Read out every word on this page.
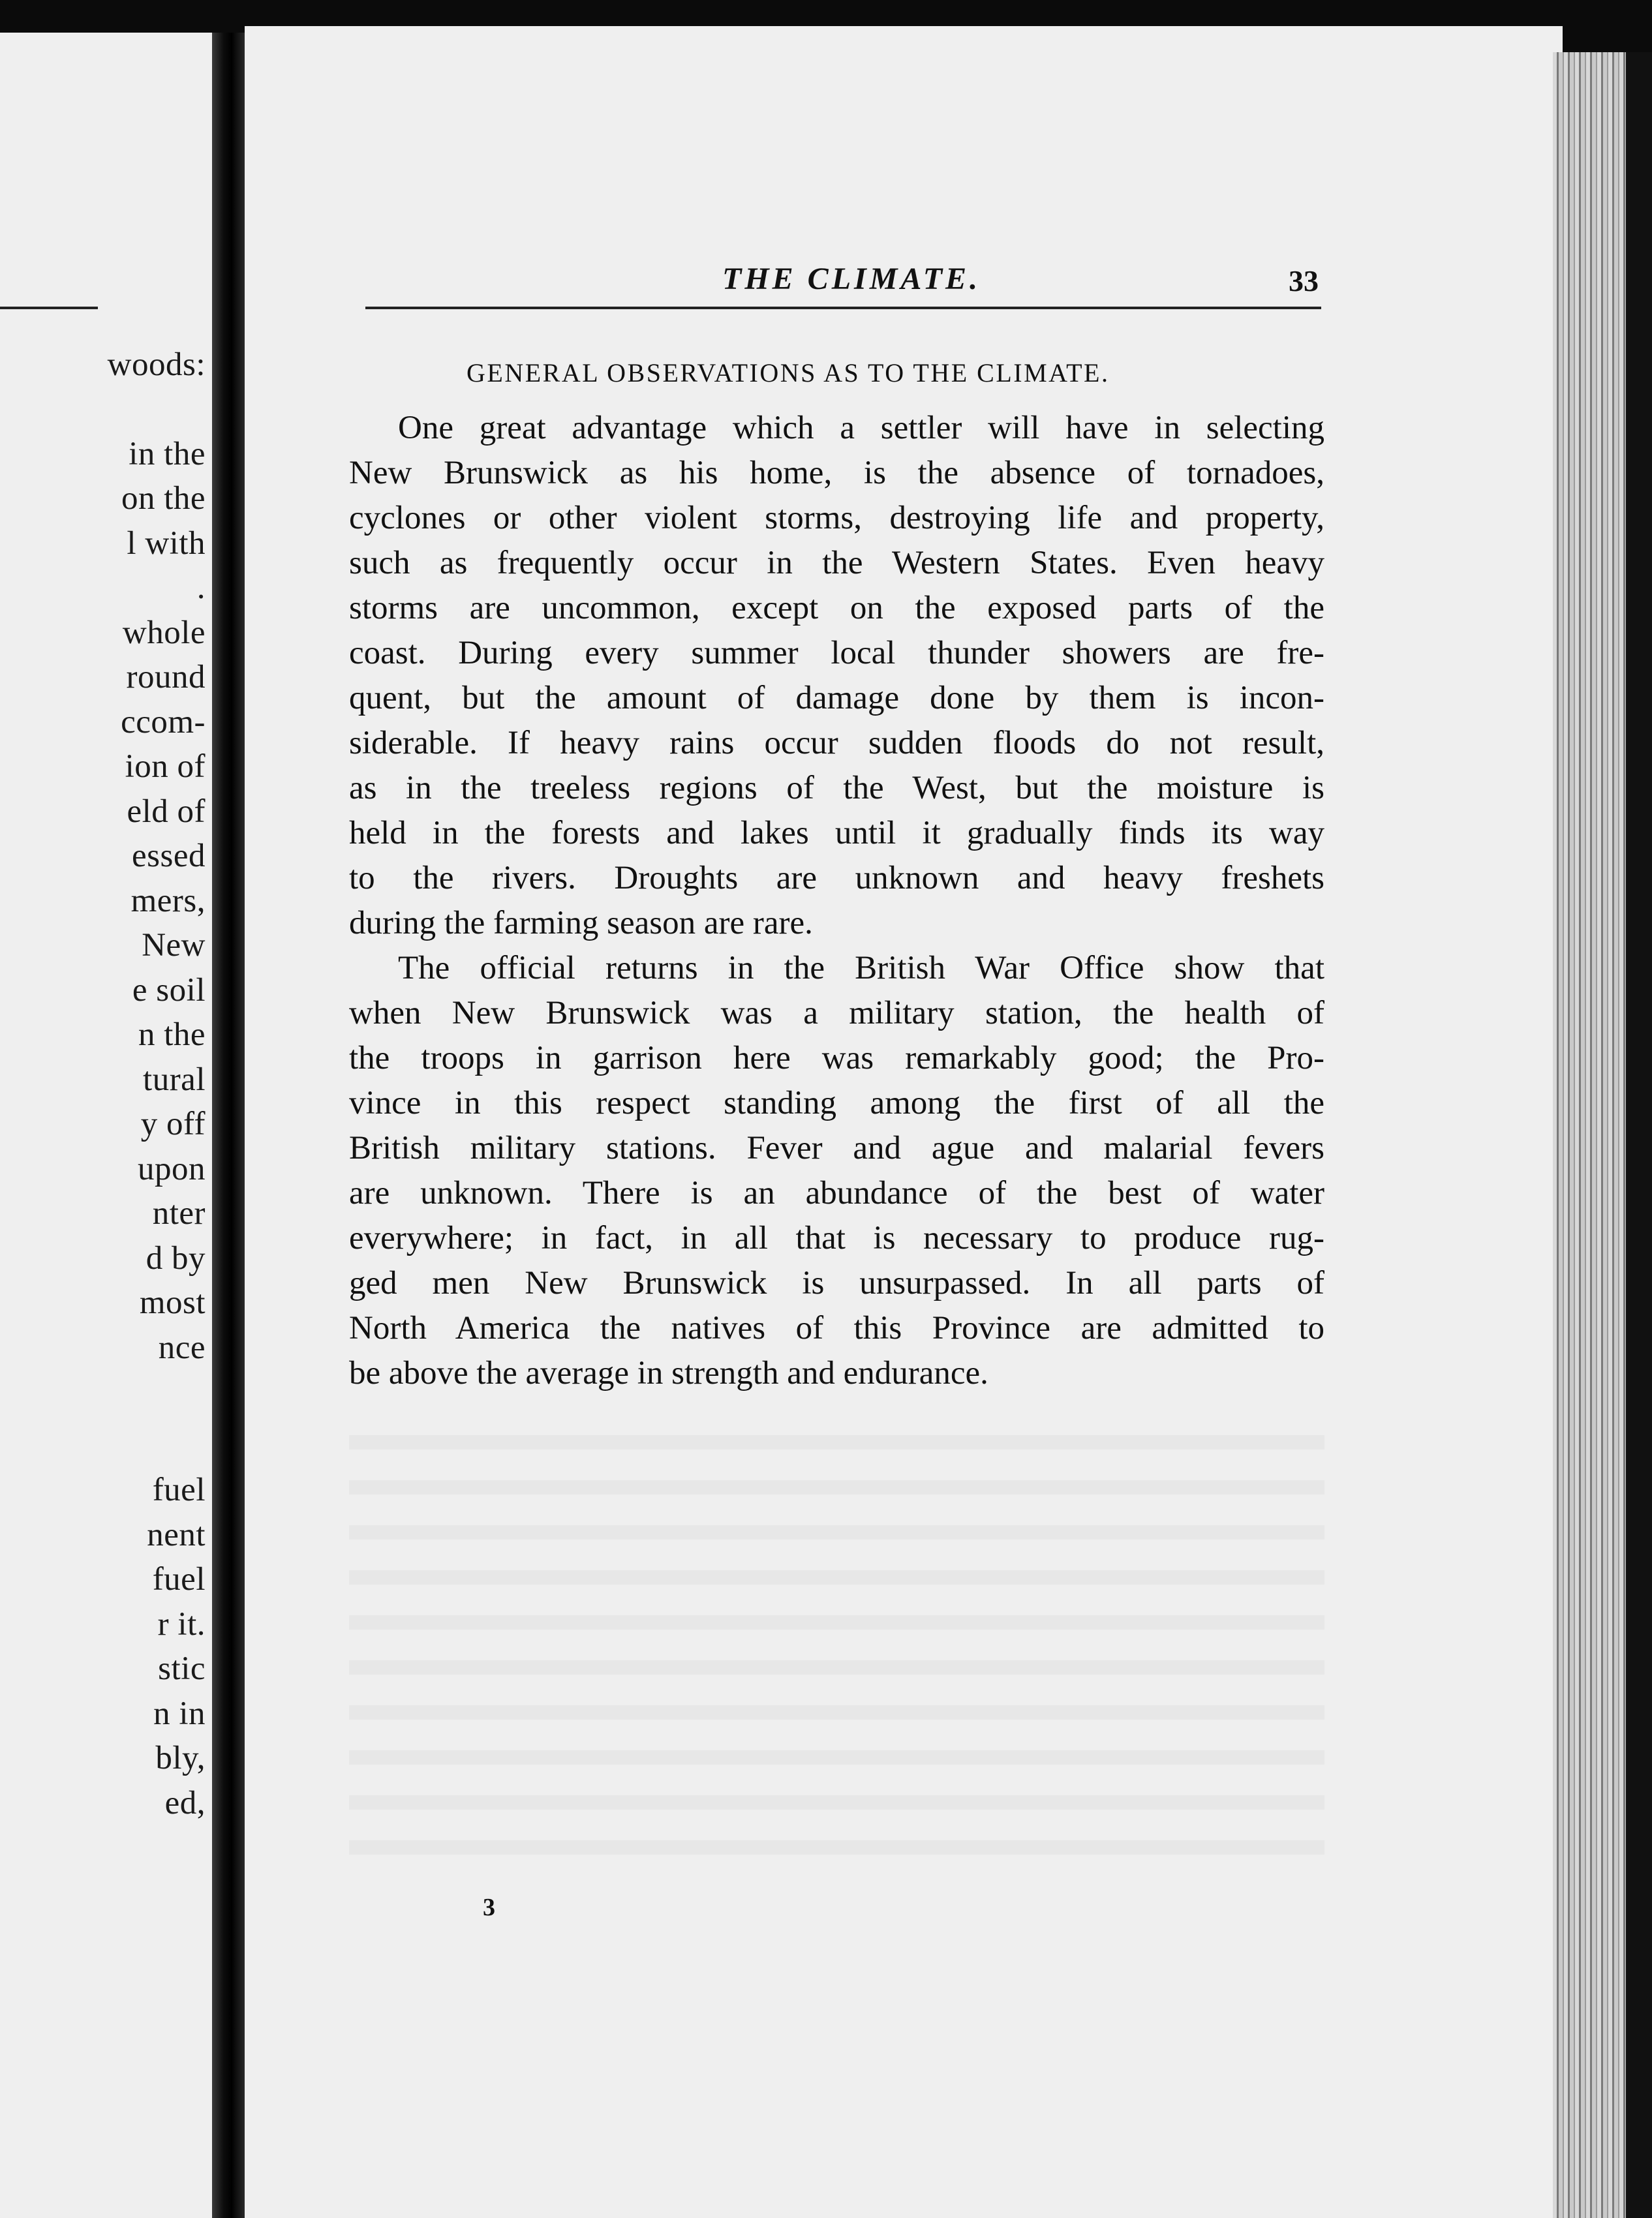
woods:
in the
on the
l with
.
whole
round
ccom-
ion of
eld of
essed
mers,
New
e soil
n the
tural
y off
upon
nter
d by
most
nce
fuel
nent
fuel
r it.
stic
n in
bly,
ed,
THE CLIMATE.	33
GENERAL OBSERVATIONS AS TO THE CLIMATE.
One great advantage which a settler will have in selecting
New Brunswick as his home, is the absence of tornadoes,
cyclones or other violent storms, destroying life and property,
such as frequently occur in the Western States. Even heavy
storms are uncommon, except on the exposed parts of the
coast. During every summer local thunder showers are fre-
quent, but the amount of damage done by them is incon-
siderable. If heavy rains occur sudden floods do not result,
as in the treeless regions of the West, but the moisture is
held in the forests and lakes until it gradually finds its way
to the rivers. Droughts are unknown and heavy freshets
during the farming season are rare.
The official returns in the British War Office show that
when New Brunswick was a military station, the health of
the troops in garrison here was remarkably good; the Pro-
vince in this respect standing among the first of all the
British military stations. Fever and ague and malarial fevers
are unknown. There is an abundance of the best of water
everywhere; in fact, in all that is necessary to produce rug-
ged men New Brunswick is unsurpassed. In all parts of
North America the natives of this Province are admitted to
be above the average in strength and endurance.
3
